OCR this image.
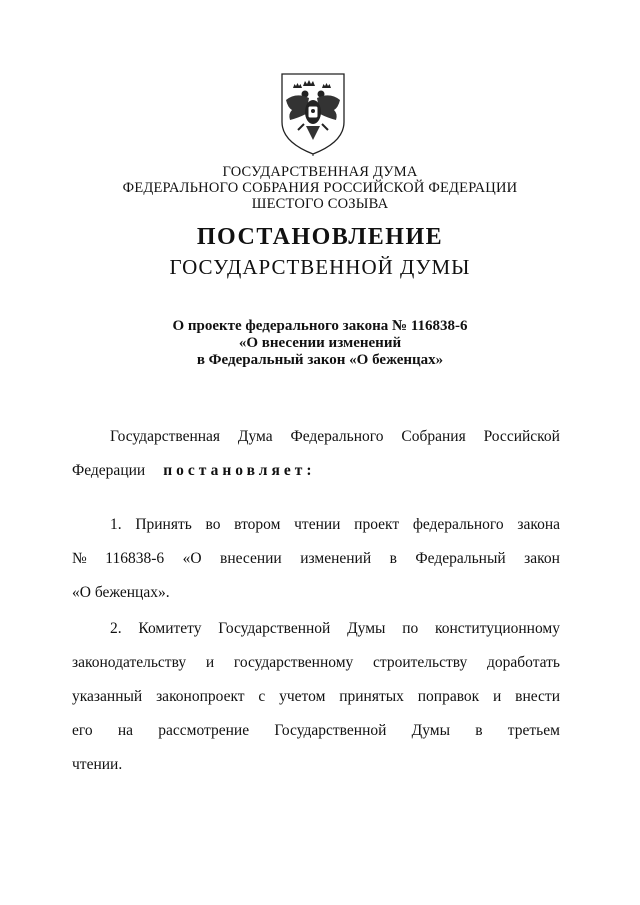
ГОСУДАРСТВЕННАЯ ДУМА
ФЕДЕРАЛЬНОГО СОБРАНИЯ РОССИЙСКОЙ ФЕДЕРАЦИИ
ШЕСТОГО СОЗЫВА
ПОСТАНОВЛЕНИЕ
ГОСУДАРСТВЕННОЙ ДУМЫ
О проекте федерального закона № 116838-6
«О внесении изменений
в Федеральный закон «О беженцах»
Государственная Дума Федерального Собрания Российской
Федерации постановляет:
1. Принять во втором чтении проект федерального закона
№ 116838-6 «О внесении изменений в Федеральный закон
«О беженцах».
2. Комитету Государственной Думы по конституционному
законодательству и государственному строительству доработать
указанный законопроект с учетом принятых поправок и внести
его на рассмотрение Государственной Думы в третьем
чтении.
